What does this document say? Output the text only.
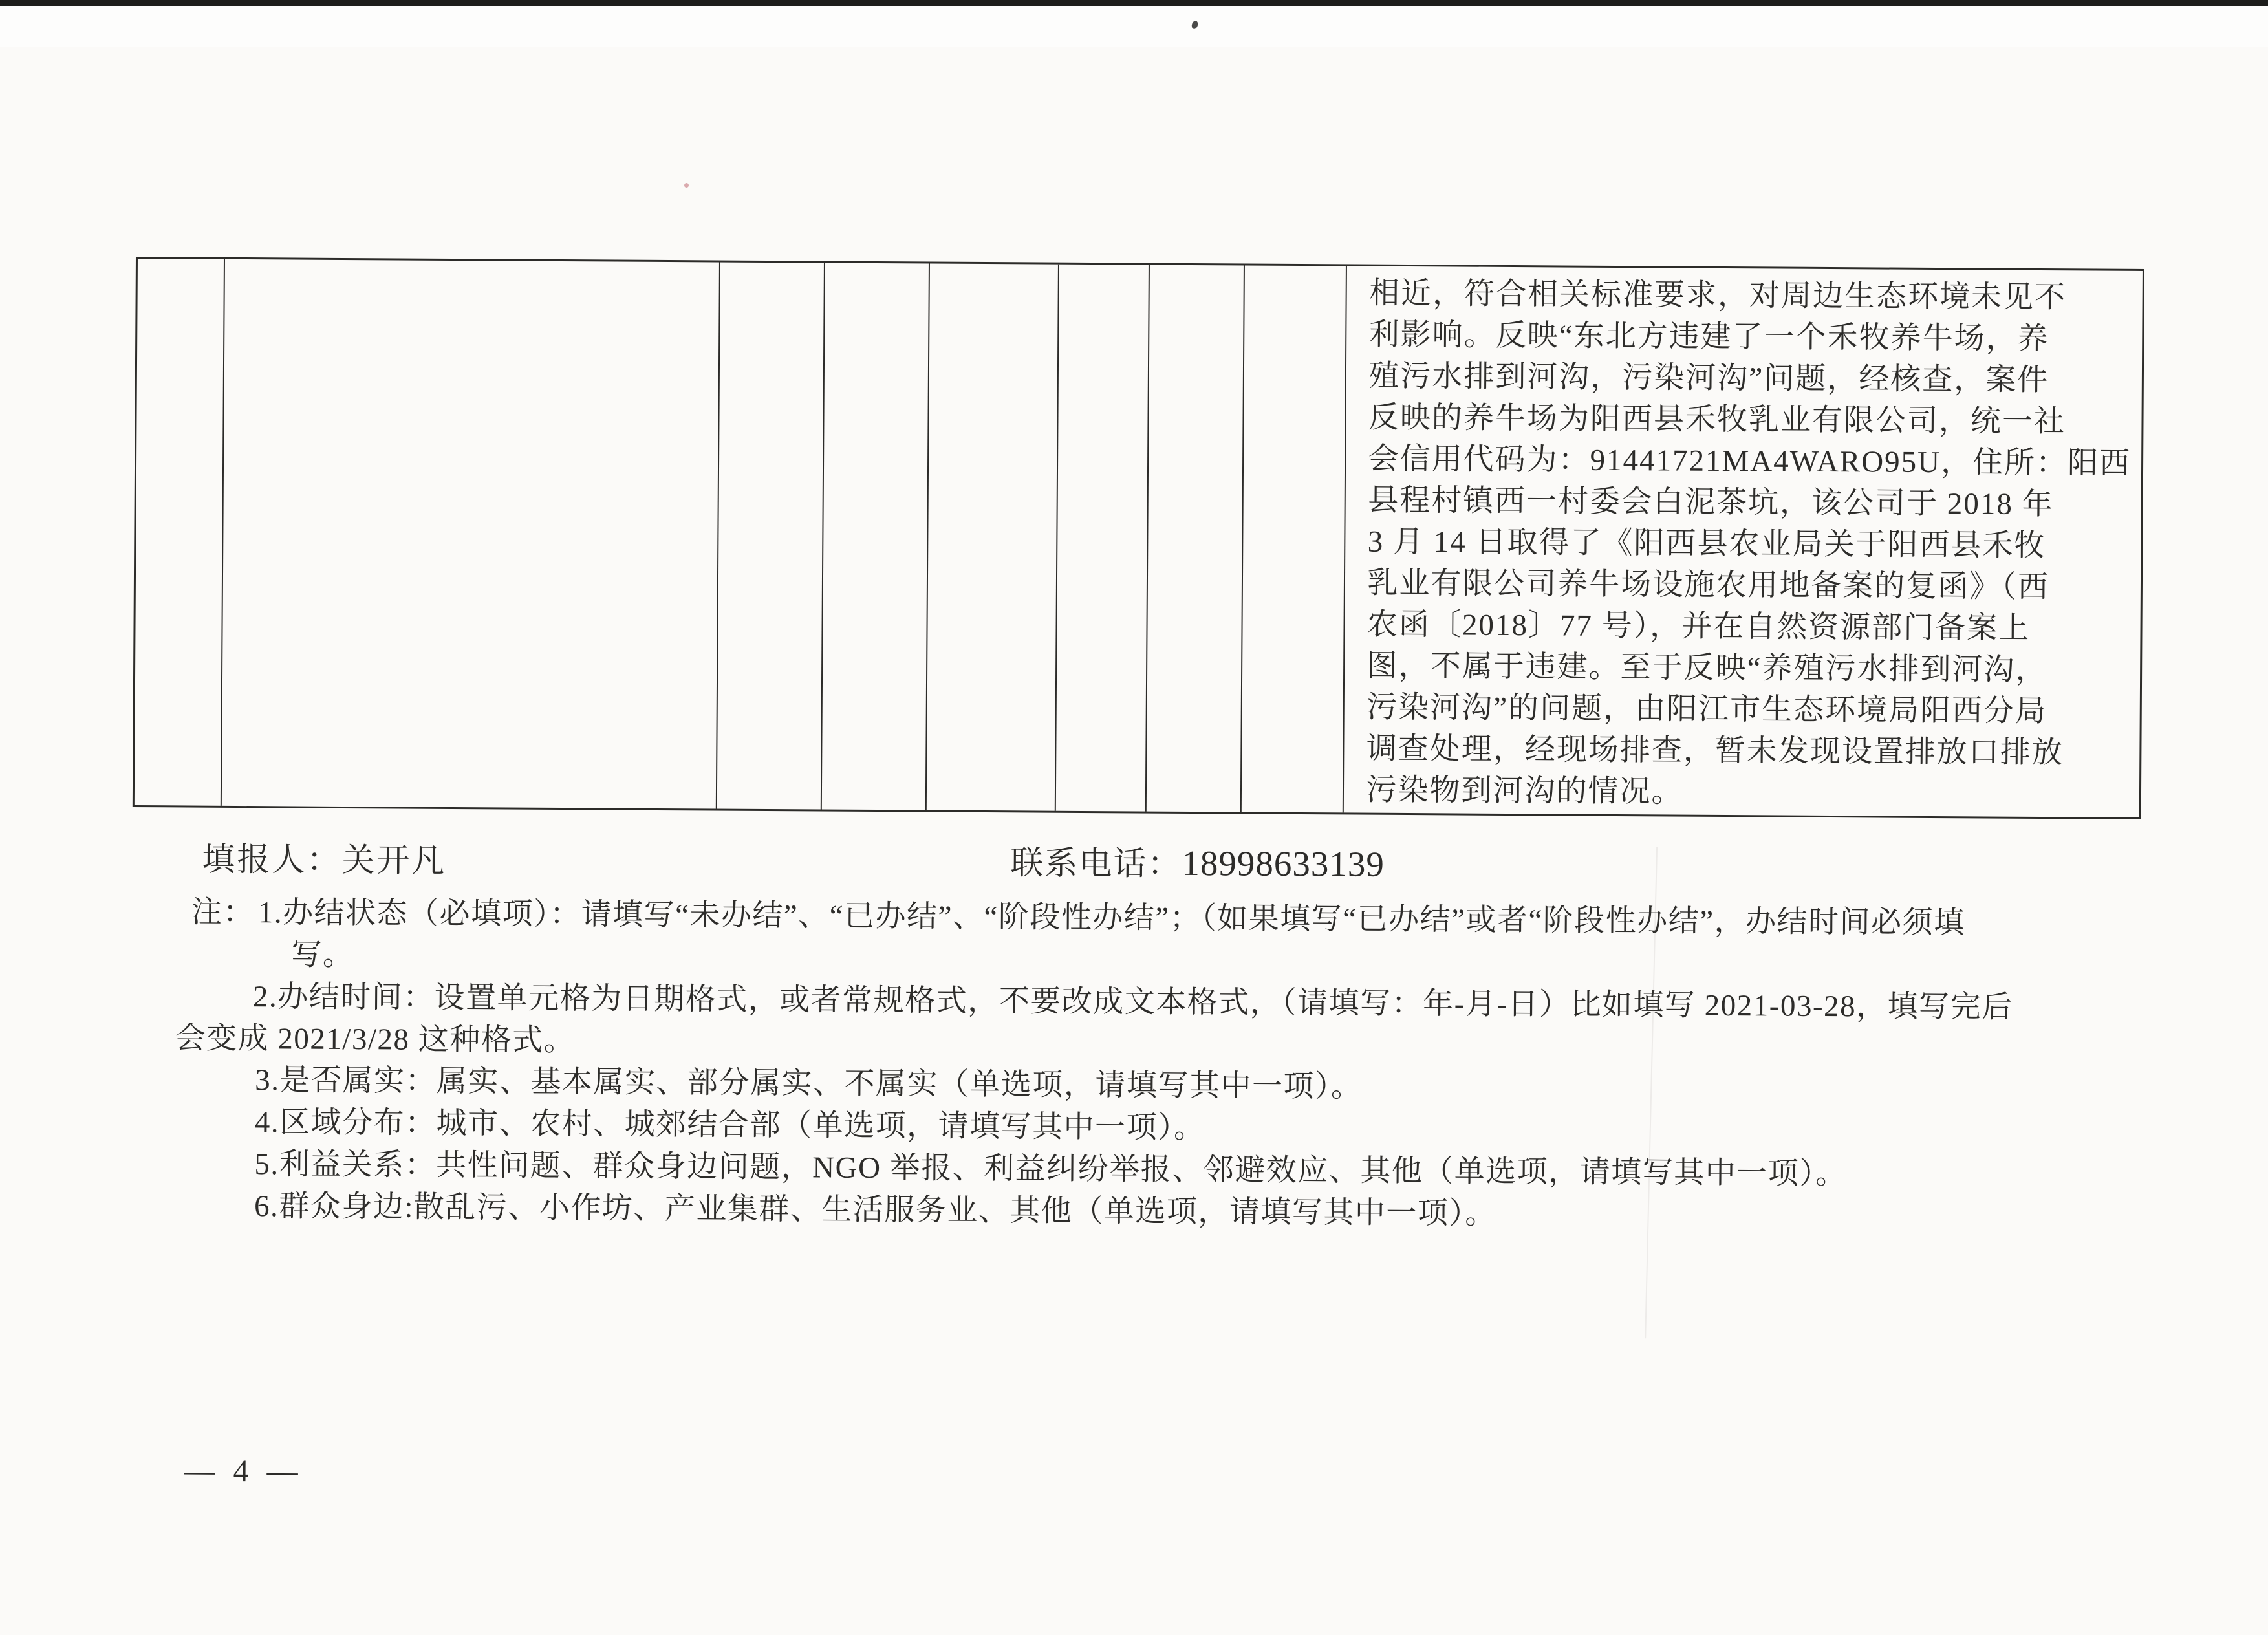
相近，符合相关标准要求，对周边生态环境未见不
利影响。反映“东北方违建了一个禾牧养牛场，养
殖污水排到河沟，污染河沟”问题，经核查，案件
反映的养牛场为阳西县禾牧乳业有限公司，统一社
会信用代码为：91441721MA4WARO95U，住所：阳西
县程村镇西一村委会白泥茶坑，该公司于 2018 年
3 月 14 日取得了《阳西县农业局关于阳西县禾牧
乳业有限公司养牛场设施农用地备案的复函》（西
农函〔2018〕77 号），并在自然资源部门备案上
图，不属于违建。至于反映“养殖污水排到河沟，
污染河沟”的问题，由阳江市生态环境局阳西分局
调查处理，经现场排查，暂未发现设置排放口排放
污染物到河沟的情况。
填报人：关开凡	联系电话：18998633139
注： 1.办结状态（必填项）：请填写“未办结”、“已办结”、“阶段性办结”；（如果填写“已办结”或者“阶段性办结”，办结时间必须填
写。
2.办结时间：设置单元格为日期格式，或者常规格式，不要改成文本格式，（请填写：年-月-日）比如填写 2021-03-28，填写完后
会变成 2021/3/28 这种格式。
3.是否属实：属实、基本属实、部分属实、不属实（单选项，请填写其中一项）。
4.区域分布：城市、农村、城郊结合部（单选项，请填写其中一项）。
5.利益关系：共性问题、群众身边问题，NGO 举报、利益纠纷举报、邻避效应、其他（单选项，请填写其中一项）。
6.群众身边:散乱污、小作坊、产业集群、生活服务业、其他（单选项，请填写其中一项）。
— 4 —
